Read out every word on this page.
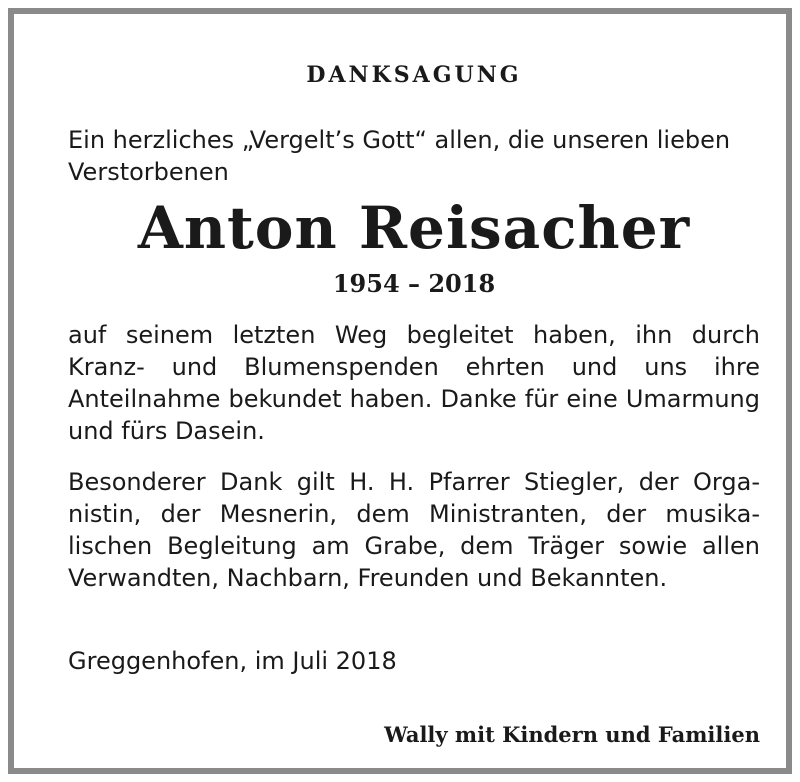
DANKSAGUNG

Ein herzliches „Vergelt’s Gott“ allen, die unseren lieben Verstorbenen

Anton Reisacher
1954 – 2018

auf seinem letzten Weg begleitet haben, ihn durch Kranz- und Blumenspenden ehrten und uns ihre Anteilnahme bekundet haben. Danke für eine Umarmung und fürs Dasein.

Besonderer Dank gilt H. H. Pfarrer Stiegler, der Organistin, der Mesnerin, dem Ministranten, der musikalischen Begleitung am Grabe, dem Träger sowie allen Verwandten, Nachbarn, Freunden und Bekannten.

Greggenhofen, im Juli 2018

Wally mit Kindern und Familien
